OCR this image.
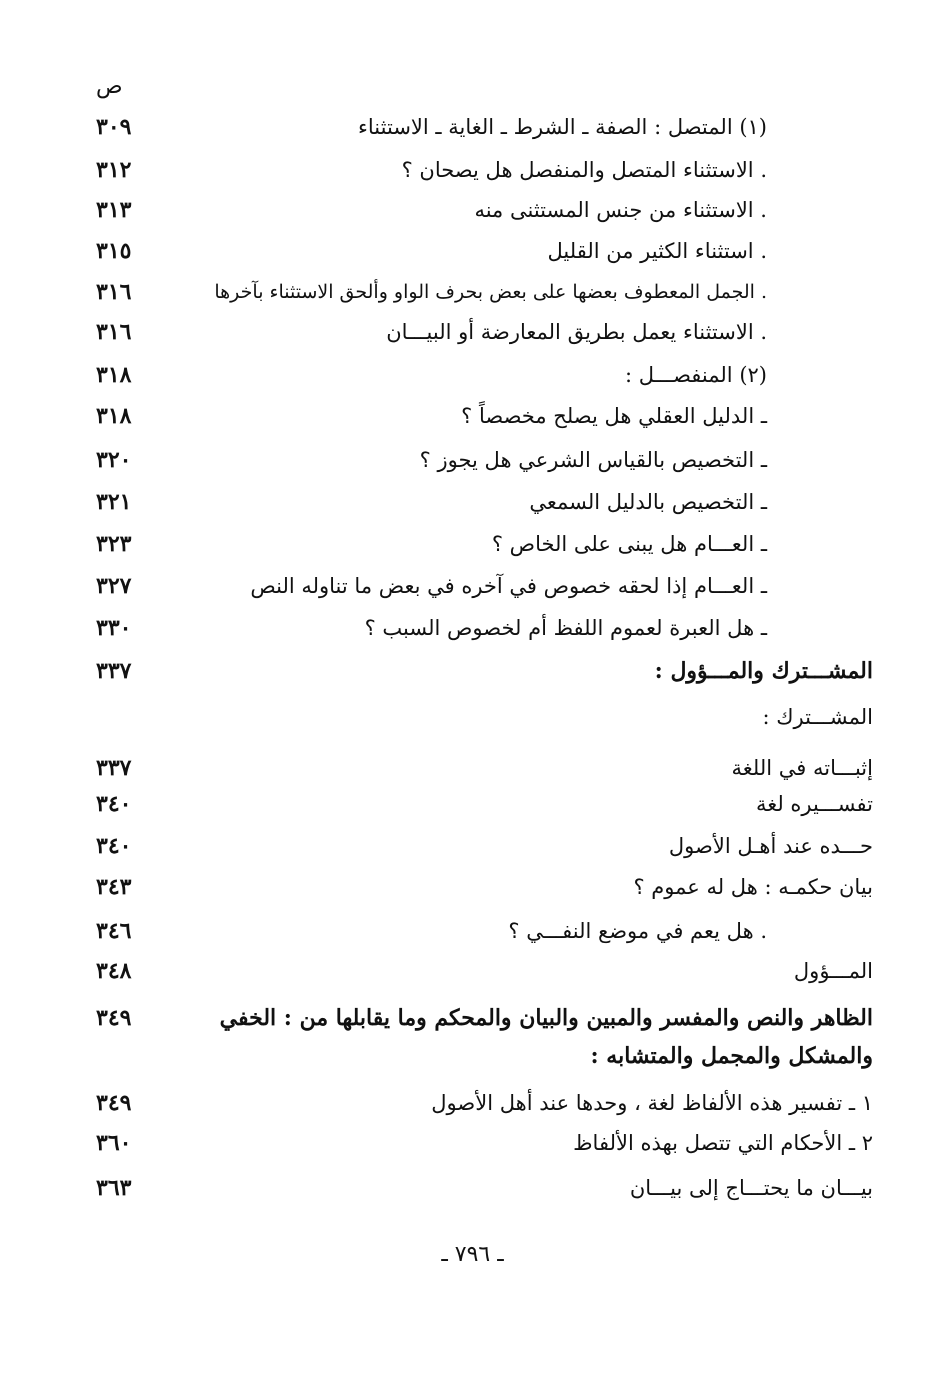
ص
(١) المتصل : الصفة ـ الشرط ـ الغاية ـ الاستثناء
٣٠٩
. الاستثناء المتصل والمنفصل هل يصحان ؟
٣١٢
. الاستثناء من جنس المستثنى منه
٣١٣
. استثناء الكثير من القليل
٣١٥
. الجمل المعطوف بعضها على بعض بحرف الواو وألحق الاستثناء بآخرها
٣١٦
. الاستثناء يعمل بطريق المعارضة أو البيـــان
٣١٦
(٢) المنفصـــل :
٣١٨
ـ الدليل العقلي هل يصلح مخصصاً ؟
٣١٨
ـ التخصيص بالقياس الشرعي هل يجوز ؟
٣٢٠
ـ التخصيص بالدليل السمعي
٣٢١
ـ العـــام هل يبنى على الخاص ؟
٣٢٣
ـ العـــام إذا لحقه خصوص في آخره في بعض ما تناوله النص
٣٢٧
ـ هل العبرة لعموم اللفظ أم لخصوص السبب ؟
٣٣٠
المشـــترك والمـــؤول :
٣٣٧
المشـــترك :
إثبـــاته في اللغة
٣٣٧
تفســـيره لغة
٣٤٠
حـــده عند أهـل الأصول
٣٤٠
بيان حكمـه : هل له عموم ؟
٣٤٣
. هل يعم في موضع النفـــي ؟
٣٤٦
المـــؤول
٣٤٨
الظاهر والنص والمفسر والمبين والبيان والمحكم وما يقابلها من : الخفي والمشكل والمجمل والمتشابه :
٣٤٩
١ ـ تفسير هذه الألفاظ لغة ، وحدها عند أهل الأصول
٣٤٩
٢ ـ الأحكام التي تتصل بهذه الألفاظ
٣٦٠
بيـــان ما يحتـــاج إلى بيـــان
٣٦٣
ـ ٧٩٦ ـ
